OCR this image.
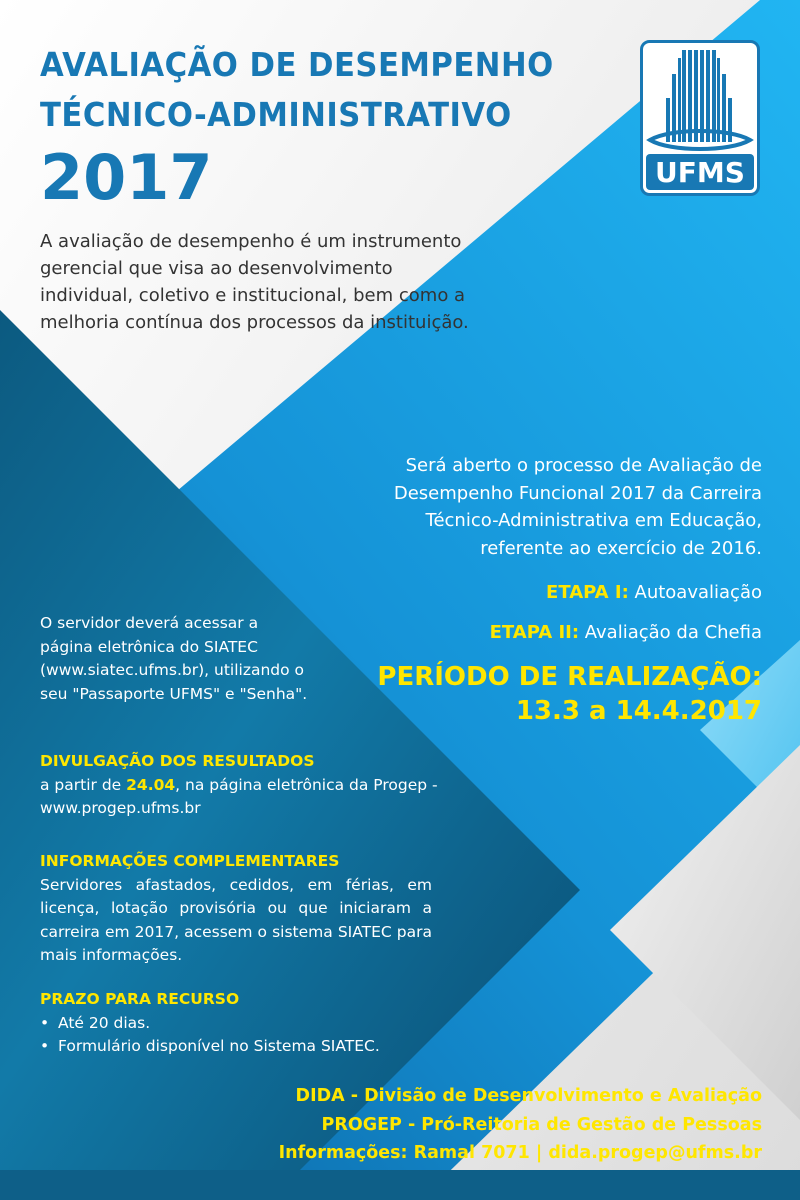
AVALIAÇÃO DE DESEMPENHO
TÉCNICO-ADMINISTRATIVO
2017
A avaliação de desempenho é um instrumento gerencial que visa ao desenvolvimento individual, coletivo e institucional, bem como a melhoria contínua dos processos da instituição.
UFMS
Será aberto o processo de Avaliação de Desempenho Funcional 2017 da Carreira Técnico-Administrativa em Educação, referente ao exercício de 2016.
ETAPA I: Autoavaliação
ETAPA II: Avaliação da Chefia
PERÍODO DE REALIZAÇÃO:
13.3 a 14.4.2017
O servidor deverá acessar a página eletrônica do SIATEC (www.siatec.ufms.br), utilizando o seu "Passaporte UFMS" e "Senha".
DIVULGAÇÃO DOS RESULTADOS
a partir de 24.04, na página eletrônica da Progep - www.progep.ufms.br
INFORMAÇÕES COMPLEMENTARES
Servidores afastados, cedidos, em férias, em licença, lotação provisória ou que iniciaram a carreira em 2017, acessem o sistema SIATEC para mais informações.
PRAZO PARA RECURSO
• Até 20 dias.
• Formulário disponível no Sistema SIATEC.
DIDA - Divisão de Desenvolvimento e Avaliação
PROGEP - Pró-Reitoria de Gestão de Pessoas
Informações: Ramal 7071 | dida.progep@ufms.br
